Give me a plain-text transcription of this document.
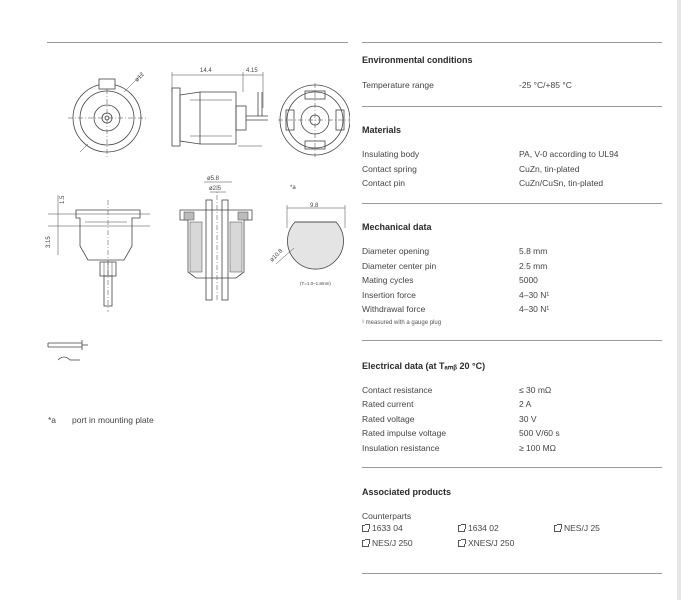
ø12
14.4	4.15
1.5
3.15
ø5.8
ø2.5	*a
9.8
ø10.8
(T=1.0–1.8mm)
*a port in mounting plate
Environmental conditions
Temperature range	-25 °C/+85 °C
Materials
Insulating body	PA, V-0 according to UL94
Contact spring	CuZn, tin-plated
Contact pin	CuZn/CuSn, tin-plated
Mechanical data
Diameter opening	5.8 mm
Diameter center pin	2.5 mm
Mating cycles	5000
Insertion force	4–30 N¹
Withdrawal force	4–30 N¹
¹ measured with a gauge plug
Electrical data (at Tₐₘᵦ 20 °C)
Contact resistance	≤ 30 mΩ
Rated current	2 A
Rated voltage	30 V
Rated impulse voltage	500 V/60 s
Insulation resistance	≥ 100 MΩ
Associated products
Counterparts
1633 04	1634 02	NES/J 25
NES/J 250	XNES/J 250
